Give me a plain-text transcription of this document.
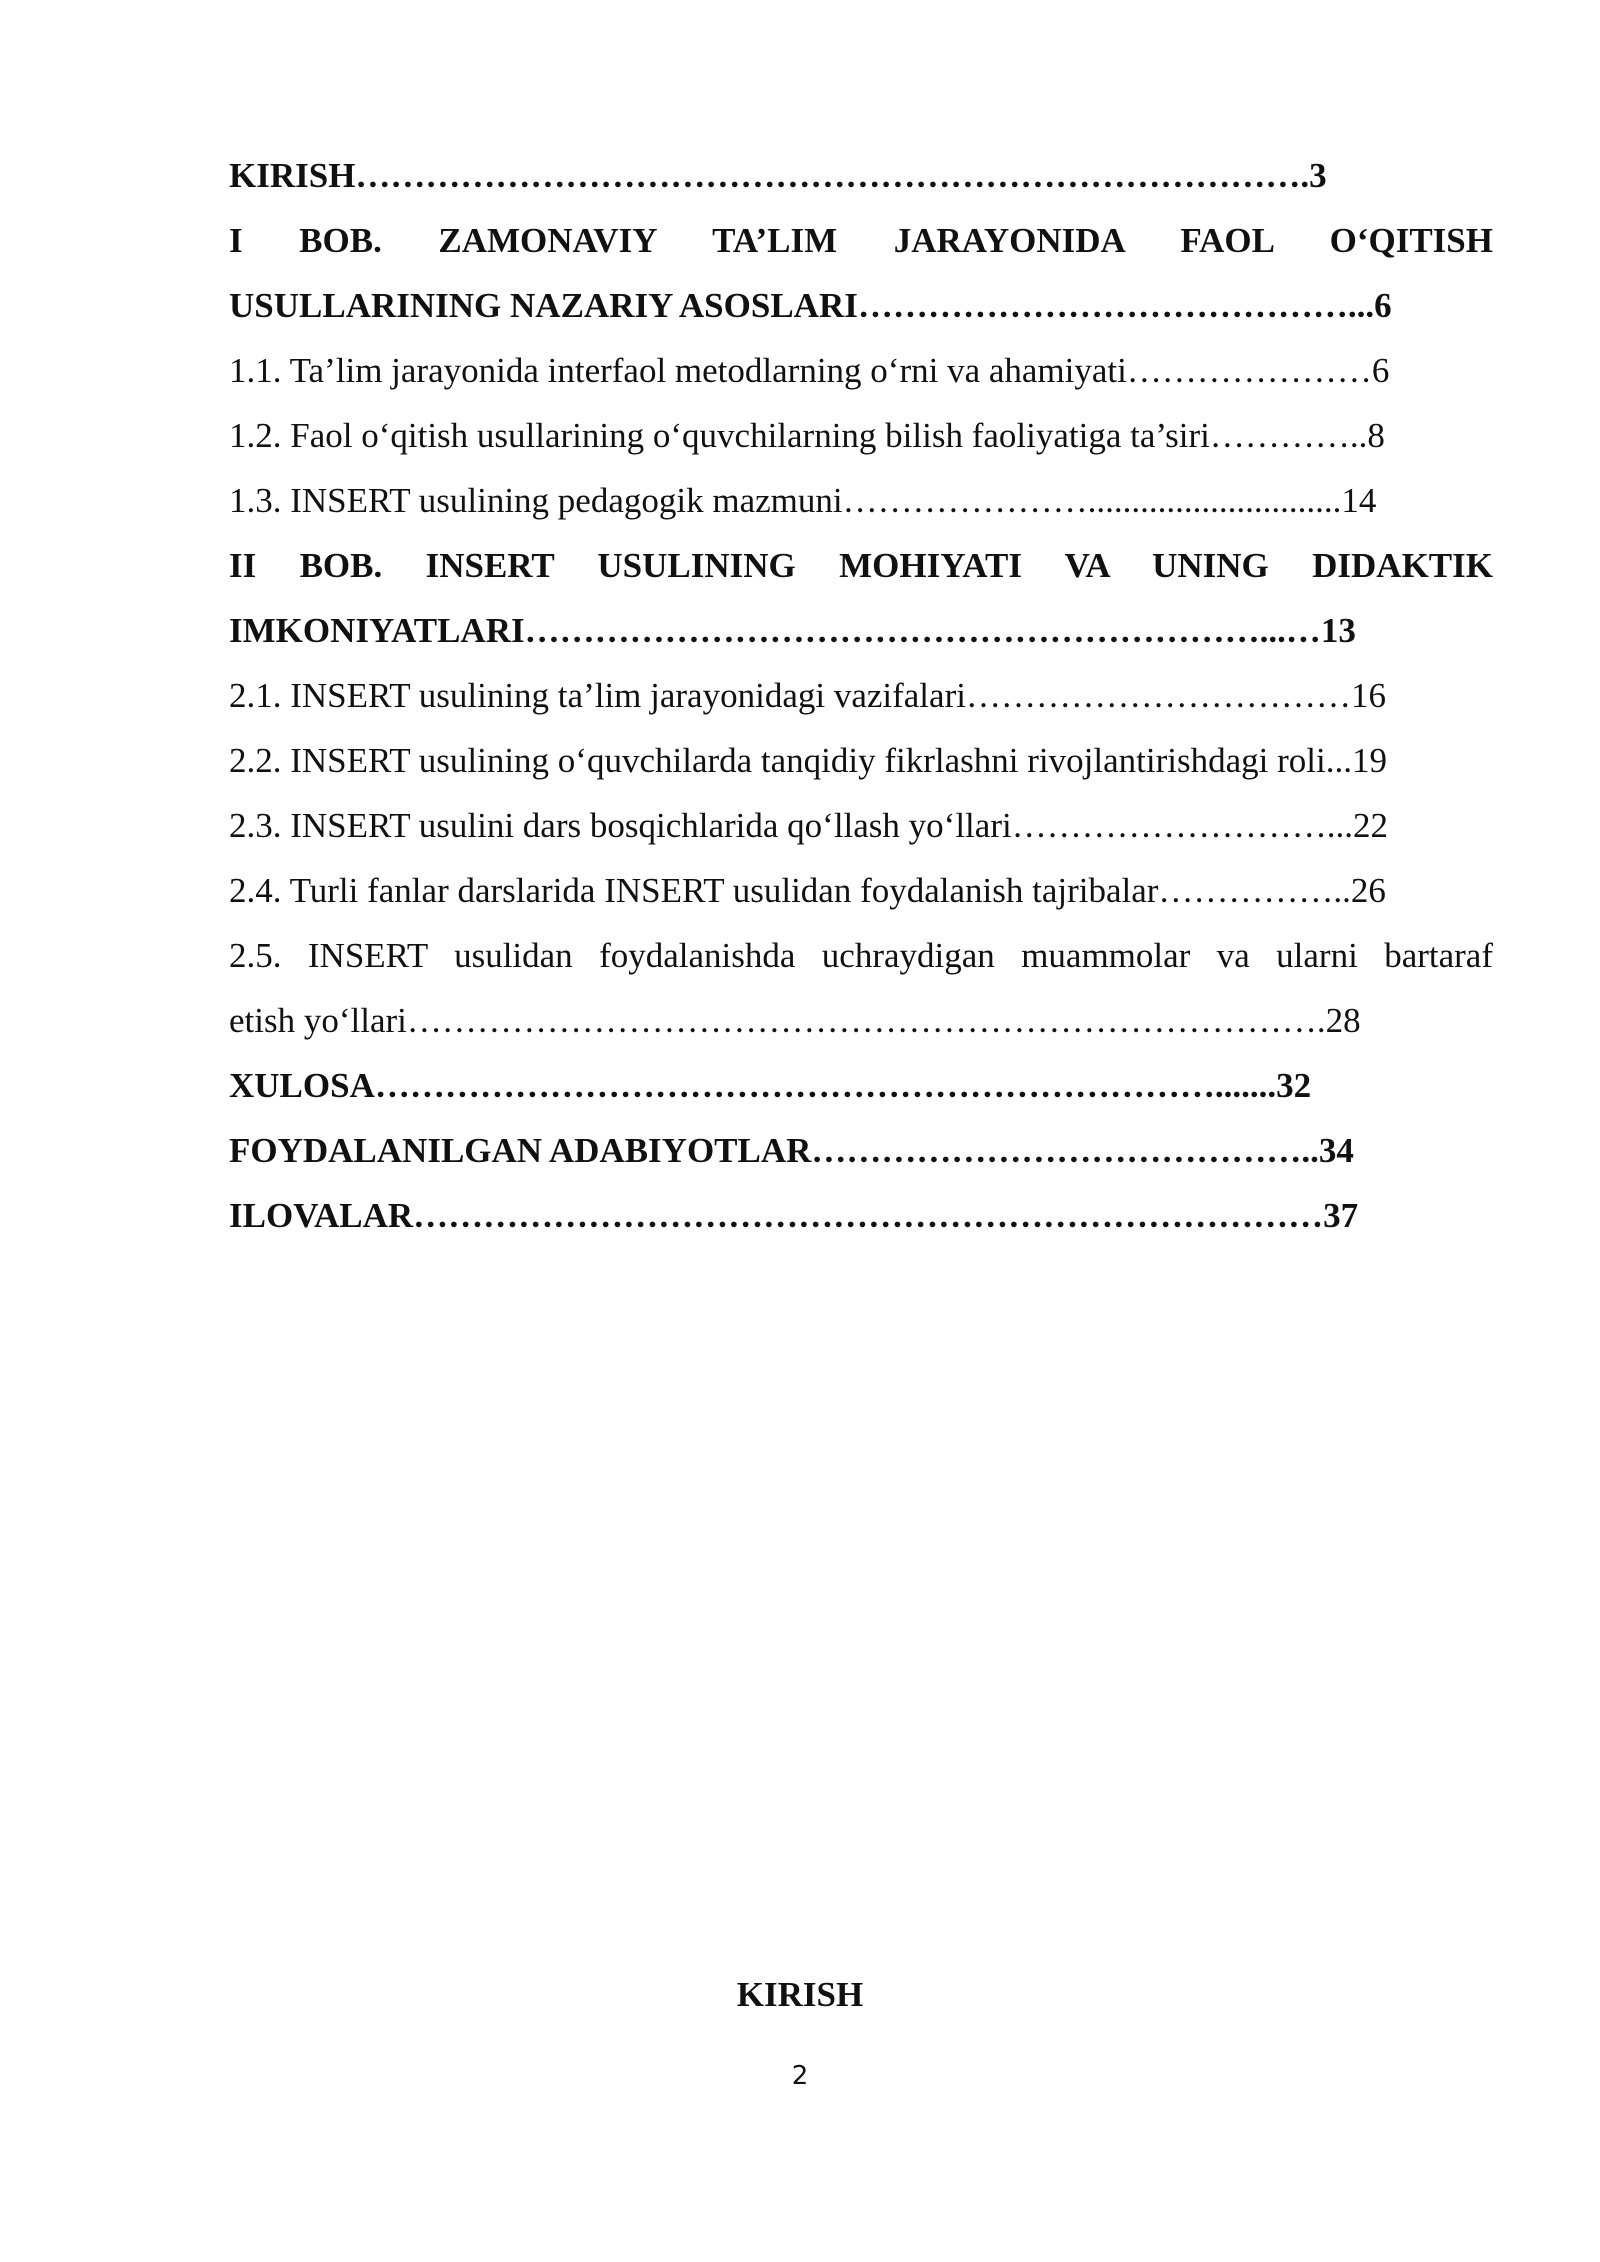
KIRISH……………………………………………………………………….3
I BOB. ZAMONAVIY TA’LIM JARAYONIDA FAOL O‘QITISH
USULLARINING NAZARIY ASOSLARI……………………………………...6
1.1. Ta’lim jarayonida interfaol metodlarning o‘rni va ahamiyati…………………6
1.2. Faol o‘qitish usullarining o‘quvchilarning bilish faoliyatiga ta’siri…………..8
1.3. INSERT usulining pedagogik mazmuni………………….............................14
II BOB. INSERT USULINING MOHIYATI VA UNING DIDAKTIK
IMKONIYATLARI………………………………………………………...…13
2.1. INSERT usulining ta’lim jarayonidagi vazifalari……………………………16
2.2. INSERT usulining o‘quvchilarda tanqidiy fikrlashni rivojlantirishdagi roli...19
2.3. INSERT usulini dars bosqichlarida qo‘llash yo‘llari………………………...22
2.4. Turli fanlar darslarida INSERT usulidan foydalanish tajribalar……………..26
2.5. INSERT usulidan foydalanishda uchraydigan muammolar va ularni bartaraf
etish yo‘llari…………………………………………………………………….28
XULOSA……………………………………………………………….......32
FOYDALANILGAN ADABIYOTLAR……………………………………..34
ILOVALAR……………………………………………………………………37
KIRISH
2
